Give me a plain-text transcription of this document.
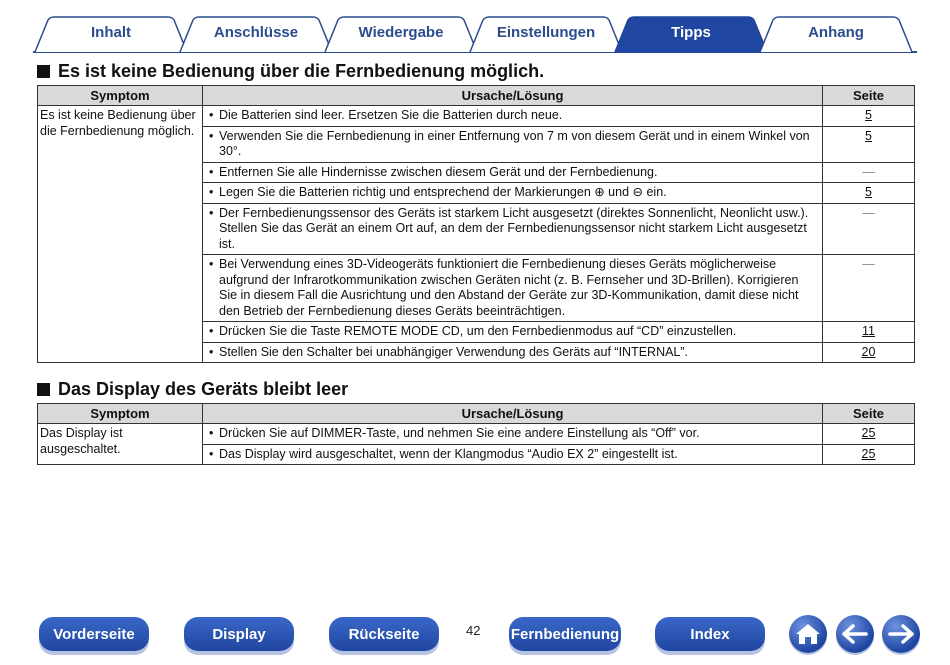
Inhalt	Anschlüsse	Wiedergabe	Einstellungen	Tipps	Anhang
Es ist keine Bedienung über die Fernbedienung möglich.
Symptom	Ursache/Lösung	Seite
Es ist keine Bedienung über die Fernbedienung möglich.	• Die Batterien sind leer. Ersetzen Sie die Batterien durch neue.	5
	• Verwenden Sie die Fernbedienung in einer Entfernung von 7 m von diesem Gerät und in einem Winkel von 30°.	5
	• Entfernen Sie alle Hindernisse zwischen diesem Gerät und der Fernbedienung.	—
	• Legen Sie die Batterien richtig und entsprechend der Markierungen ⊕ und ⊖ ein.	5
	• Der Fernbedienungssensor des Geräts ist starkem Licht ausgesetzt (direktes Sonnenlicht, Neonlicht usw.). Stellen Sie das Gerät an einem Ort auf, an dem der Fernbedienungssensor nicht starkem Licht ausgesetzt ist.	—
	• Bei Verwendung eines 3D-Videogeräts funktioniert die Fernbedienung dieses Geräts möglicherweise aufgrund der Infrarotkommunikation zwischen Geräten nicht (z. B. Fernseher und 3D-Brillen). Korrigieren Sie in diesem Fall die Ausrichtung und den Abstand der Geräte zur 3D-Kommunikation, damit diese nicht den Betrieb der Fernbedienung dieses Geräts beeinträchtigen.	—
	• Drücken Sie die Taste REMOTE MODE CD, um den Fernbedienmodus auf “CD” einzustellen.	11
	• Stellen Sie den Schalter bei unabhängiger Verwendung des Geräts auf “INTERNAL”.	20
Das Display des Geräts bleibt leer
Symptom	Ursache/Lösung	Seite
Das Display ist ausgeschaltet.	• Drücken Sie auf DIMMER-Taste, und nehmen Sie eine andere Einstellung als “Off” vor.	25
	• Das Display wird ausgeschaltet, wenn der Klangmodus “Audio EX 2” eingestellt ist.	25
Vorderseite	Display	Rückseite	42 Fernbedienung	Index
